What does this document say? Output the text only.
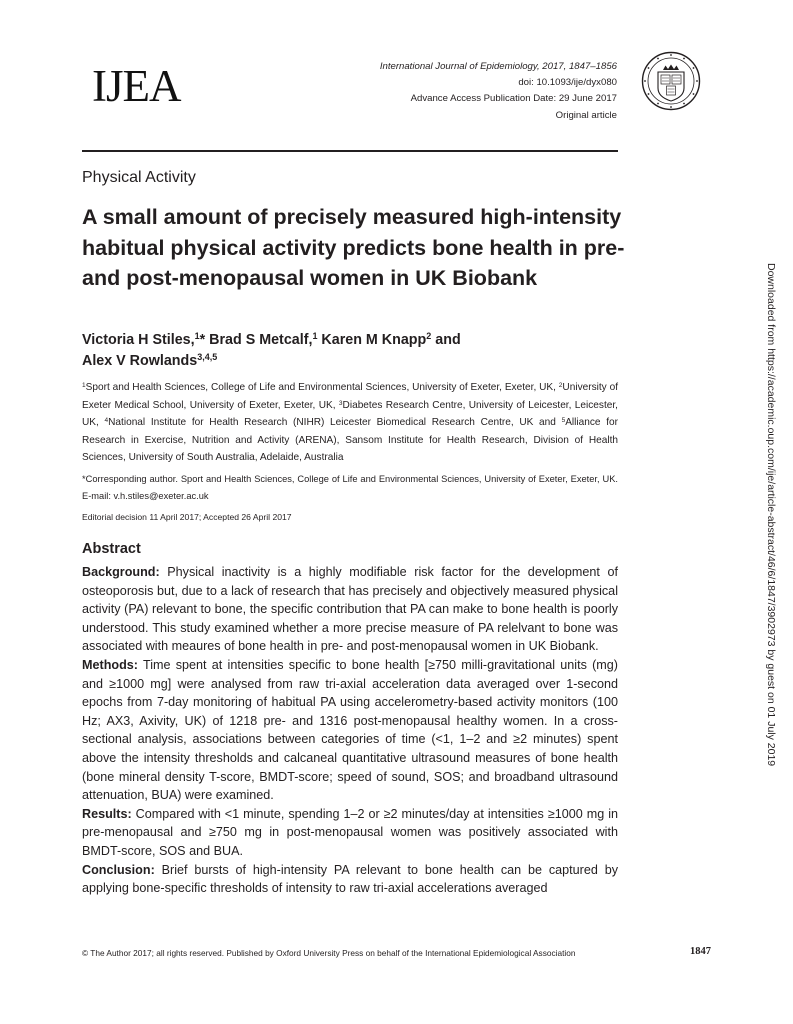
IJEA	International Journal of Epidemiology, 2017, 1847–1856
doi: 10.1093/ije/dyx080
Advance Access Publication Date: 29 June 2017
Original article
Physical Activity
A small amount of precisely measured high-intensity habitual physical activity predicts bone health in pre- and post-menopausal women in UK Biobank

Victoria H Stiles,$^1$* Brad S Metcalf,$^1$ Karen M Knapp$^2$ and
Alex V Rowlands$^{3,4,5}$

$^1$Sport and Health Sciences, College of Life and Environmental Sciences, University of Exeter, Exeter, UK, $^2$University of Exeter Medical School, University of Exeter, Exeter, UK, $^3$Diabetes Research Centre, University of Leicester, Leicester, UK, $^4$National Institute for Health Research (NIHR) Leicester Biomedical Research Centre, UK and $^5$Alliance for Research in Exercise, Nutrition and Activity (ARENA), Sansom Institute for Health Research, Division of Health Sciences, University of South Australia, Adelaide, Australia

*Corresponding author. Sport and Health Sciences, College of Life and Environmental Sciences, University of Exeter, Exeter, UK. E-mail: v.h.stiles@exeter.ac.uk

Editorial decision 11 April 2017; Accepted 26 April 2017
Abstract

Background: Physical inactivity is a highly modifiable risk factor for the development of osteoporosis but, due to a lack of research that has precisely and objectively measured physical activity (PA) relevant to bone, the specific contribution that PA can make to bone health is poorly understood. This study examined whether a more precise measure of PA relelvant to bone was associated with meaures of bone health in pre- and post-menopausal women in UK Biobank.

Methods: Time spent at intensities specific to bone health [≥750 milli-gravitational units (mg) and ≥1000 mg] were analysed from raw tri-axial acceleration data averaged over 1-second epochs from 7-day monitoring of habitual PA using accelerometry-based activity monitors (100 Hz; AX3, Axivity, UK) of 1218 pre- and 1316 post-menopausal healthy women. In a cross-sectional analysis, associations between categories of time (<1, 1–2 and ≥2 minutes) spent above the intensity thresholds and calcaneal quantitative ultrasound measures of bone health (bone mineral density T-score, BMDT-score; speed of sound, SOS; and broadband ultrasound attenuation, BUA) were examined.

Results: Compared with <1 minute, spending 1–2 or ≥2 minutes/day at intensities ≥1000 mg in pre-menopausal and ≥750 mg in post-menopausal women was positively associated with BMDT-score, SOS and BUA.

Conclusion: Brief bursts of high-intensity PA relevant to bone health can be captured by applying bone-specific thresholds of intensity to raw tri-axial accelerations averaged

© The Author 2017; all rights reserved. Published by Oxford University Press on behalf of the International Epidemiological Association	1847
Downloaded from https://academic.oup.com/ije/article-abstract/46/6/1847/3902973 by guest on 01 July 2019
